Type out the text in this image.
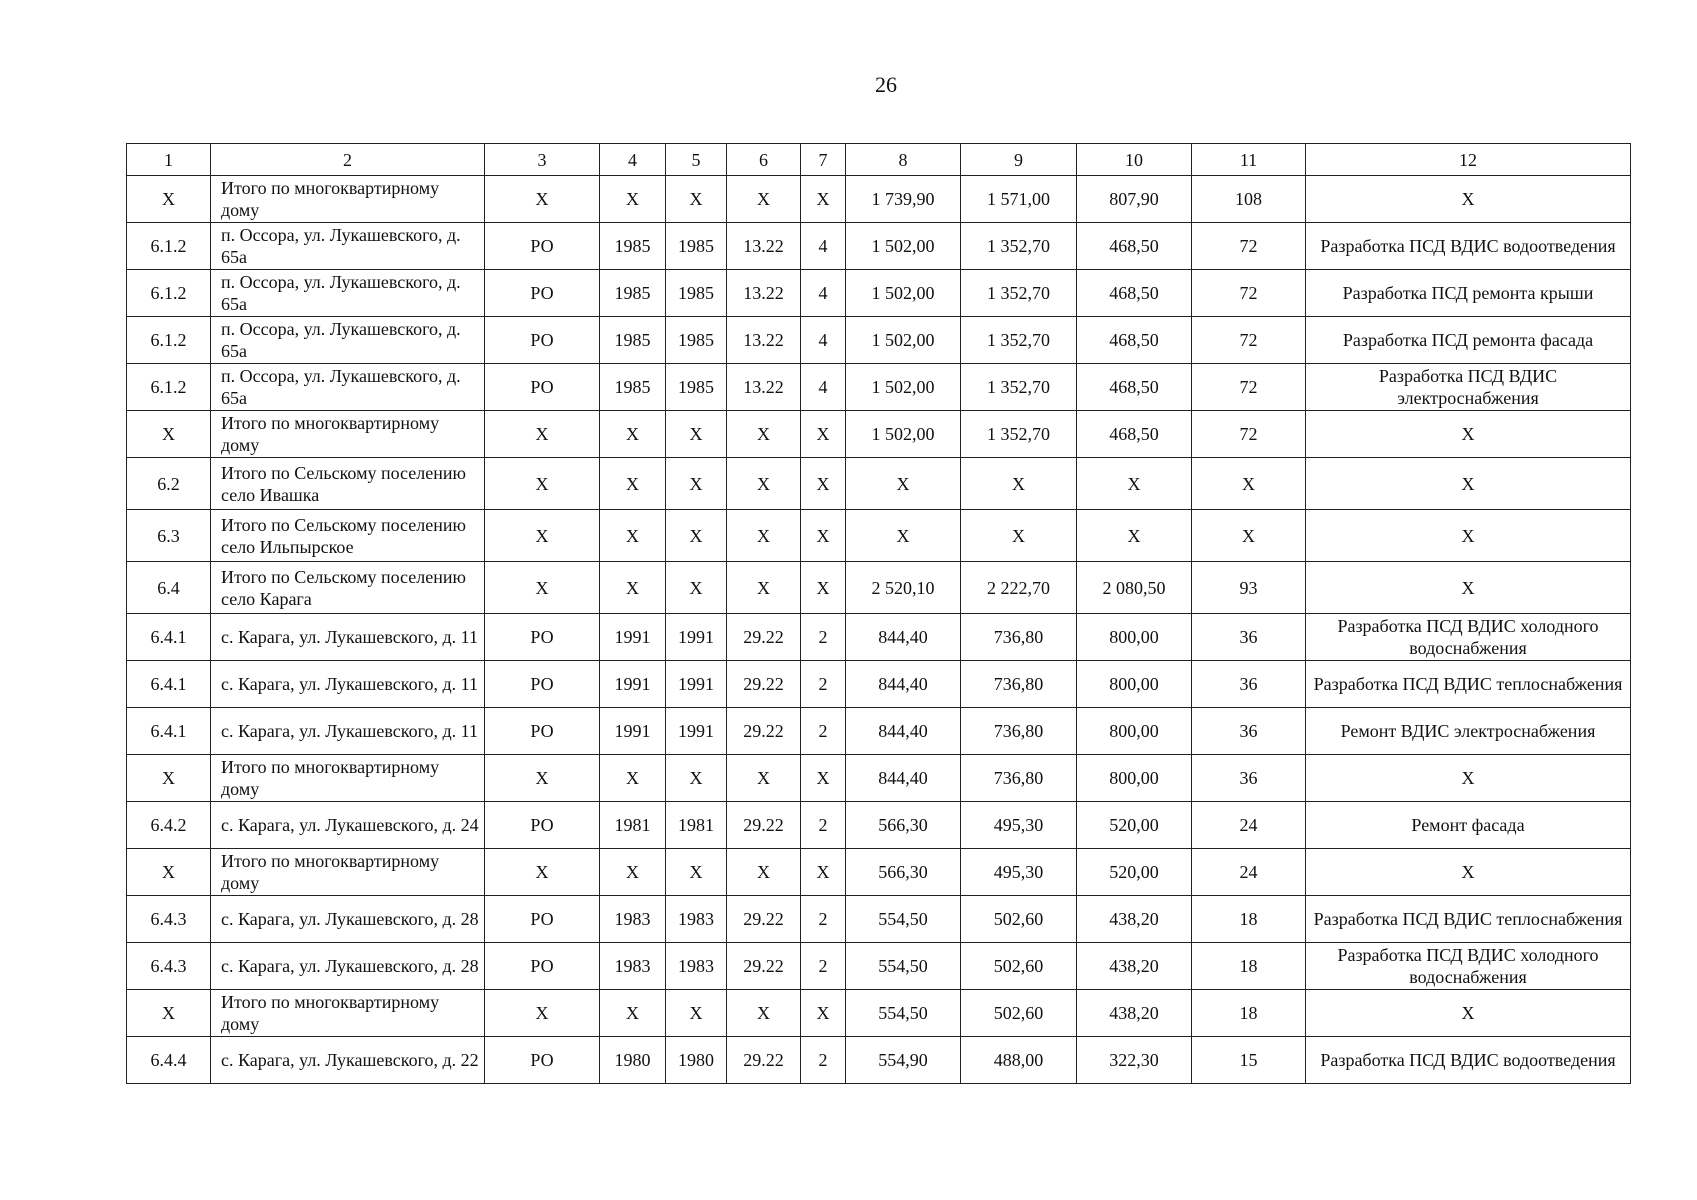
26
1	2	3	4	5	6	7	8	9	10	11	12
Х	Итого по многоквартирному дому	Х	Х	Х	Х	Х	1 739,90	1 571,00	807,90	108	Х
6.1.2	п. Оссора, ул. Лукашевского, д. 65а	РО	1985	1985	13.22	4	1 502,00	1 352,70	468,50	72	Разработка ПСД ВДИС водоотведения
6.1.2	п. Оссора, ул. Лукашевского, д. 65а	РО	1985	1985	13.22	4	1 502,00	1 352,70	468,50	72	Разработка ПСД ремонта крыши
6.1.2	п. Оссора, ул. Лукашевского, д. 65а	РО	1985	1985	13.22	4	1 502,00	1 352,70	468,50	72	Разработка ПСД ремонта фасада
6.1.2	п. Оссора, ул. Лукашевского, д. 65а	РО	1985	1985	13.22	4	1 502,00	1 352,70	468,50	72	Разработка ПСД ВДИС электроснабжения
Х	Итого по многоквартирному дому	Х	Х	Х	Х	Х	1 502,00	1 352,70	468,50	72	Х
6.2	Итого по Сельскому поселению село Ивашка	Х	Х	Х	Х	Х	Х	Х	Х	Х	Х
6.3	Итого по Сельскому поселению село Ильпырское	Х	Х	Х	Х	Х	Х	Х	Х	Х	Х
6.4	Итого по Сельскому поселению село Карага	Х	Х	Х	Х	Х	2 520,10	2 222,70	2 080,50	93	Х
6.4.1	с. Карага, ул. Лукашевского, д. 11	РО	1991	1991	29.22	2	844,40	736,80	800,00	36	Разработка ПСД ВДИС холодного водоснабжения
6.4.1	с. Карага, ул. Лукашевского, д. 11	РО	1991	1991	29.22	2	844,40	736,80	800,00	36	Разработка ПСД ВДИС теплоснабжения
6.4.1	с. Карага, ул. Лукашевского, д. 11	РО	1991	1991	29.22	2	844,40	736,80	800,00	36	Ремонт ВДИС электроснабжения
Х	Итого по многоквартирному дому	Х	Х	Х	Х	Х	844,40	736,80	800,00	36	Х
6.4.2	с. Карага, ул. Лукашевского, д. 24	РО	1981	1981	29.22	2	566,30	495,30	520,00	24	Ремонт фасада
Х	Итого по многоквартирному дому	Х	Х	Х	Х	Х	566,30	495,30	520,00	24	Х
6.4.3	с. Карага, ул. Лукашевского, д. 28	РО	1983	1983	29.22	2	554,50	502,60	438,20	18	Разработка ПСД ВДИС теплоснабжения
6.4.3	с. Карага, ул. Лукашевского, д. 28	РО	1983	1983	29.22	2	554,50	502,60	438,20	18	Разработка ПСД ВДИС холодного водоснабжения
Х	Итого по многоквартирному дому	Х	Х	Х	Х	Х	554,50	502,60	438,20	18	Х
6.4.4	с. Карага, ул. Лукашевского, д. 22	РО	1980	1980	29.22	2	554,90	488,00	322,30	15	Разработка ПСД ВДИС водоотведения
